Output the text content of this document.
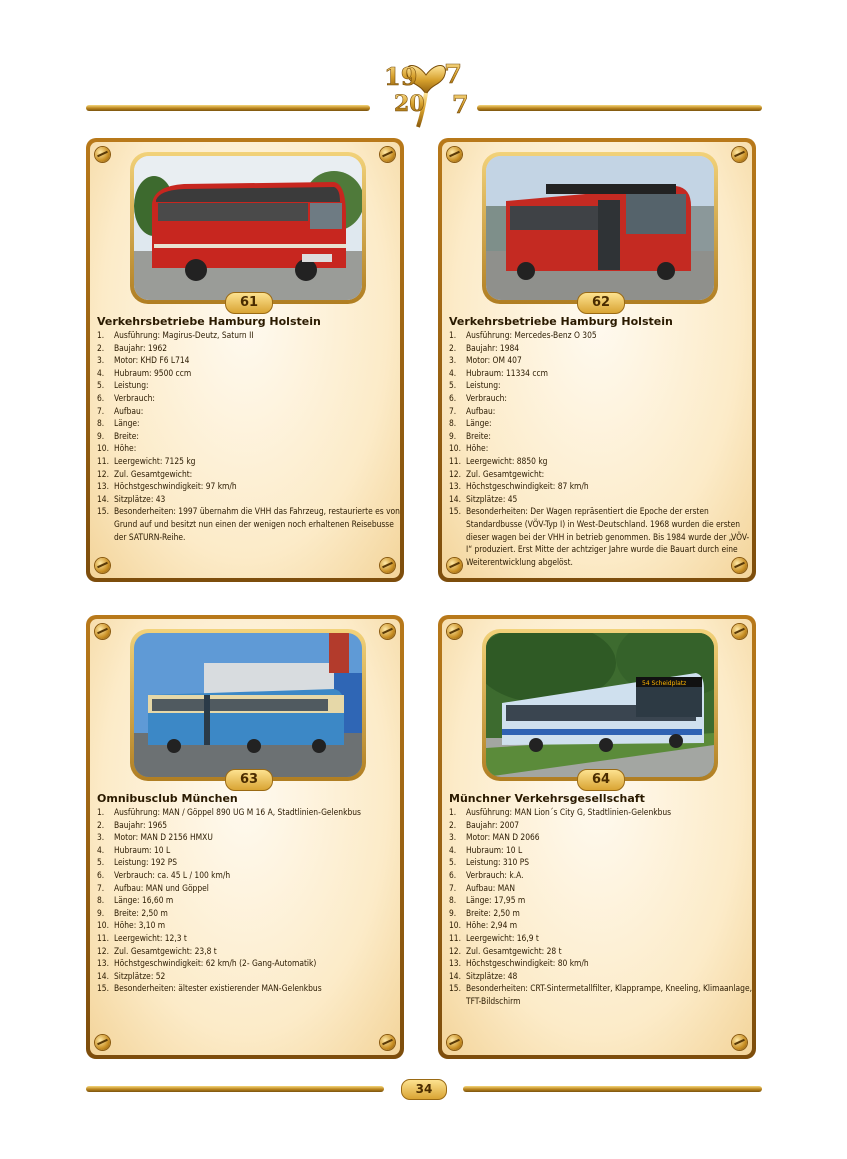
19 7
20 7
61
Verkehrsbetriebe Hamburg Holstein
1.	Ausführung: Magirus-Deutz, Saturn II
2.	Baujahr: 1962
3.	Motor: KHD F6 L714
4.	Hubraum: 9500 ccm
5.	Leistung:
6.	Verbrauch:
7.	Aufbau:
8.	Länge:
9.	Breite:
10. Höhe:
11. Leergewicht: 7125 kg
12. Zul. Gesamtgewicht:
13. Höchstgeschwindigkeit: 97 km/h
14. Sitzplätze: 43
15. Besonderheiten: 1997 übernahm die VHH das Fahrzeug, restaurierte es von Grund auf und besitzt nun einen der wenigen noch erhaltenen Reisebusse der SATURN-Reihe.
62
Verkehrsbetriebe Hamburg Holstein
1.	Ausführung: Mercedes-Benz O 305
2.	Baujahr: 1984
3.	Motor: OM 407
4.	Hubraum: 11334 ccm
5.	Leistung:
6.	Verbrauch:
7.	Aufbau:
8.	Länge:
9.	Breite:
10. Höhe:
11. Leergewicht: 8850 kg
12. Zul. Gesamtgewicht:
13. Höchstgeschwindigkeit: 87 km/h
14. Sitzplätze: 45
15. Besonderheiten: Der Wagen repräsentiert die Epoche der ersten Standardbusse (VÖV-Typ I) in West-Deutschland. 1968 wurden die ersten dieser wagen bei der VHH in betrieb genommen. Bis 1984 wurde der „VÖV-I“ produziert. Erst Mitte der achtziger Jahre wurde die Bauart durch eine Weiterentwicklung abgelöst.
63
Omnibusclub München
1.	Ausführung: MAN / Göppel 890 UG M 16 A, Stadtlinien-Gelenkbus
2.	Baujahr: 1965
3.	Motor: MAN D 2156 HMXU
4.	Hubraum: 10 L
5.	Leistung: 192 PS
6.	Verbrauch: ca. 45 L / 100 km/h
7.	Aufbau: MAN und Göppel
8.	Länge: 16,60 m
9.	Breite: 2,50 m
10. Höhe: 3,10 m
11. Leergewicht: 12,3 t
12. Zul. Gesamtgewicht: 23,8 t
13. Höchstgeschwindigkeit: 62 km/h (2- Gang-Automatik)
14. Sitzplätze: 52
15. Besonderheiten: ältester existierender MAN-Gelenkbus
54 Scheidplatz
64
Münchner Verkehrsgesellschaft
1.	Ausführung: MAN Lion´s City G, Stadtlinien-Gelenkbus
2.	Baujahr: 2007
3.	Motor: MAN D 2066
4.	Hubraum: 10 L
5.	Leistung: 310 PS
6.	Verbrauch: k.A.
7.	Aufbau: MAN
8.	Länge: 17,95 m
9.	Breite: 2,50 m
10. Höhe: 2,94 m
11. Leergewicht: 16,9 t
12. Zul. Gesamtgewicht: 28 t
13. Höchstgeschwindigkeit: 80 km/h
14. Sitzplätze: 48
15. Besonderheiten: CRT-Sintermetallfilter, Klapprampe, Kneeling, Klimaanlage, TFT-Bildschirm
34
